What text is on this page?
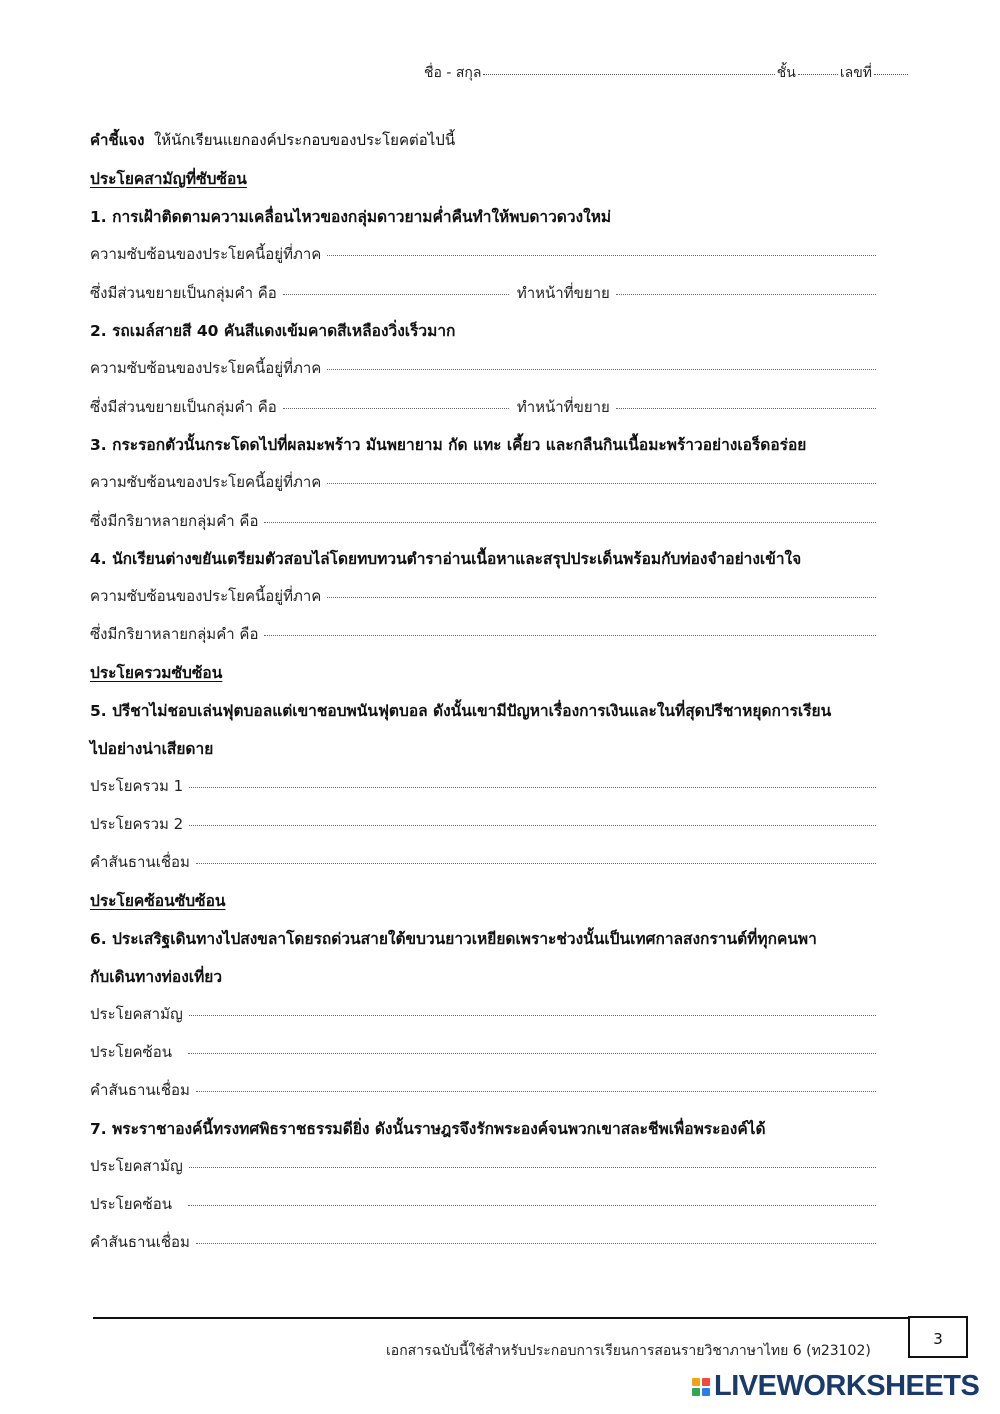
ชื่อ - สกุล	ชั้น	เลขที่
คำชี้แจง ให้นักเรียนแยกองค์ประกอบของประโยคต่อไปนี้
ประโยคสามัญที่ซับซ้อน
1. การเฝ้าติดตามความเคลื่อนไหวของกลุ่มดาวยามค่ำคืนทำให้พบดาวดวงใหม่
ความซับซ้อนของประโยคนี้อยู่ที่ภาค
ซึ่งมีส่วนขยายเป็นกลุ่มคำ คือ	ทำหน้าที่ขยาย
2. รถเมล์สายสี 40 คันสีแดงเข้มคาดสีเหลืองวิ่งเร็วมาก
ความซับซ้อนของประโยคนี้อยู่ที่ภาค
ซึ่งมีส่วนขยายเป็นกลุ่มคำ คือ	ทำหน้าที่ขยาย
3. กระรอกตัวนั้นกระโดดไปที่ผลมะพร้าว มันพยายาม กัด แทะ เคี้ยว และกลืนกินเนื้อมะพร้าวอย่างเอร็ดอร่อย
ความซับซ้อนของประโยคนี้อยู่ที่ภาค
ซึ่งมีกริยาหลายกลุ่มคำ คือ
4. นักเรียนต่างขยันเตรียมตัวสอบไล่โดยทบทวนตำราอ่านเนื้อหาและสรุปประเด็นพร้อมกับท่องจำอย่างเข้าใจ
ความซับซ้อนของประโยคนี้อยู่ที่ภาค
ซึ่งมีกริยาหลายกลุ่มคำ คือ
ประโยครวมซับซ้อน
5. ปรีชาไม่ชอบเล่นฟุตบอลแต่เขาชอบพนันฟุตบอล ดังนั้นเขามีปัญหาเรื่องการเงินและในที่สุดปรีชาหยุดการเรียน
ไปอย่างน่าเสียดาย
ประโยครวม 1
ประโยครวม 2
คำสันธานเชื่อม
ประโยคซ้อนซับซ้อน
6. ประเสริฐเดินทางไปสงขลาโดยรถด่วนสายใต้ขบวนยาวเหยียดเพราะช่วงนั้นเป็นเทศกาลสงกรานต์ที่ทุกคนพา
กับเดินทางท่องเที่ยว
ประโยคสามัญ
ประโยคซ้อน
คำสันธานเชื่อม
7. พระราชาองค์นี้ทรงทศพิธราชธรรมดียิ่ง ดังนั้นราษฎรจึงรักพระองค์จนพวกเขาสละชีพเพื่อพระองค์ได้
ประโยคสามัญ
ประโยคซ้อน
คำสันธานเชื่อม
เอกสารฉบับนี้ใช้สำหรับประกอบการเรียนการสอนรายวิชาภาษาไทย 6 (ท23102)
3
LIVEWORKSHEETS
